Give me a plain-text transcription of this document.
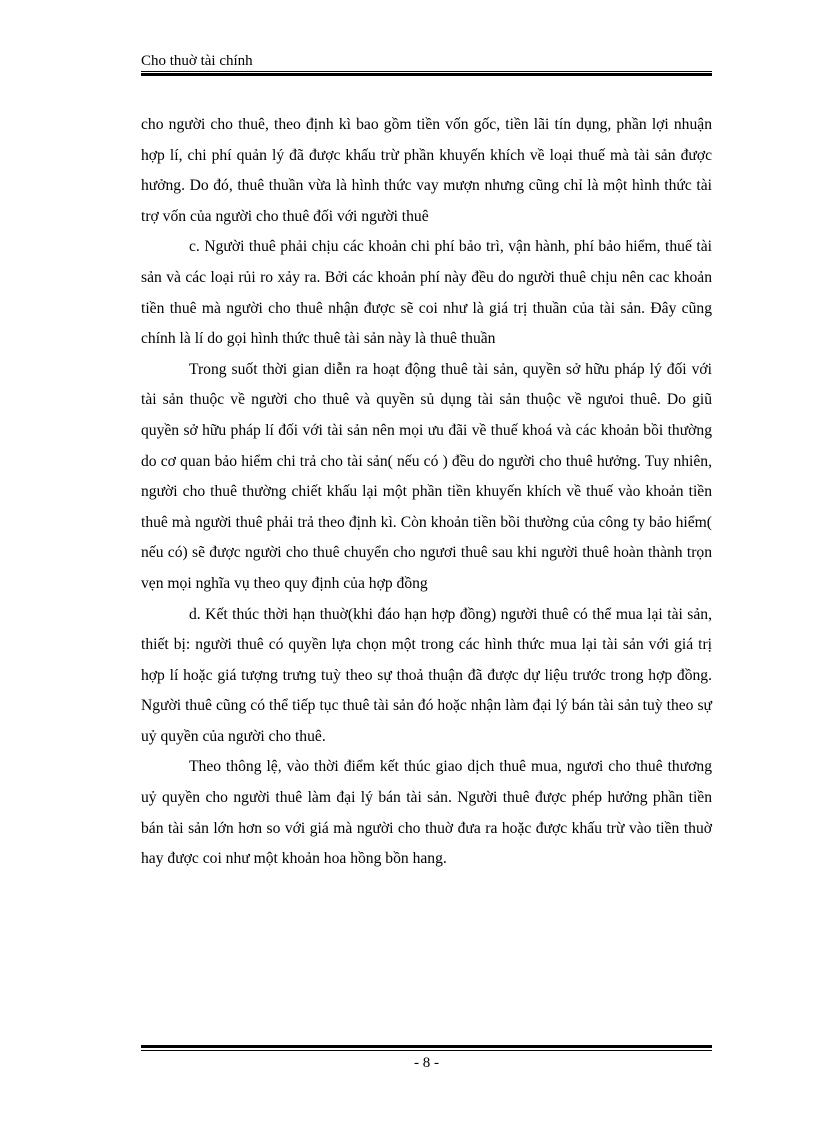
Cho thuờ tài chính

cho người cho thuê, theo định kì bao gồm tiền vốn gốc, tiền lãi tín dụng, phần lợi nhuận hợp lí, chi phí quản lý đã được khấu trừ phần khuyến khích về loại thuế mà tài sản được hưởng. Do đó, thuê thuần vừa là hình thức vay mượn nhưng cũng chỉ là một hình thức tài trợ vốn của người cho thuê đối với người thuê

c. Người thuê phải chịu các khoản chi phí bảo trì, vận hành, phí bảo hiểm, thuế tài sản và các loại rủi ro xảy ra. Bởi các khoản phí này đều do người thuê chịu nên cac khoản tiền thuê mà người cho thuê nhận được sẽ coi như là giá trị thuần của tài sản. Đây cũng chính là lí do gọi hình thức thuê tài sản này là thuê thuần

Trong suốt thời gian diễn ra hoạt động thuê tài sản, quyền sở hữu pháp lý đối với tài sản thuộc về người cho thuê và quyền sủ dụng tài sản thuộc về ngưoi thuê. Do giũ quyền sở hữu pháp lí đối với tài sản nên mọi ưu đãi về thuế khoá và các khoản bồi thường do cơ quan bảo hiểm chi trả cho tài sản( nếu có ) đều do người cho thuê hưởng. Tuy nhiên, người cho thuê thường chiết khấu lại một phần tiền khuyến khích về thuế vào khoản tiền thuê mà người thuê phải trả theo định kì. Còn khoản tiền bồi thường của công ty bảo hiểm( nếu có) sẽ được người cho thuê chuyển cho ngươi thuê sau khi người thuê hoàn thành trọn vẹn mọi nghĩa vụ theo quy định của hợp đồng

d. Kết thúc thời hạn thuờ(khi đáo hạn hợp đồng) người thuê có thể mua lại tài sản, thiết bị: người thuê có quyền lựa chọn một trong các hình thức mua lại tài sản với giá trị hợp lí hoặc giá tượng trưng tuỳ theo sự thoả thuận đã được dự liệu trước trong hợp đồng. Người thuê cũng có thể tiếp tục thuê tài sản đó hoặc nhận làm đại lý bán tài sản tuỳ theo sự uỷ quyền của người cho thuê.

Theo thông lệ, vào thời điểm kết thúc giao dịch thuê mua, ngươi cho thuê thương uỷ quyền cho người thuê làm đại lý bán tài sản. Người thuê được phép hưởng phần tiền bán tài sản lớn hơn so với giá mà người cho thuờ đưa ra hoặc được khấu trừ vào tiền thuờ hay được coi như một khoản hoa hồng bồn hang.

- 8 -
